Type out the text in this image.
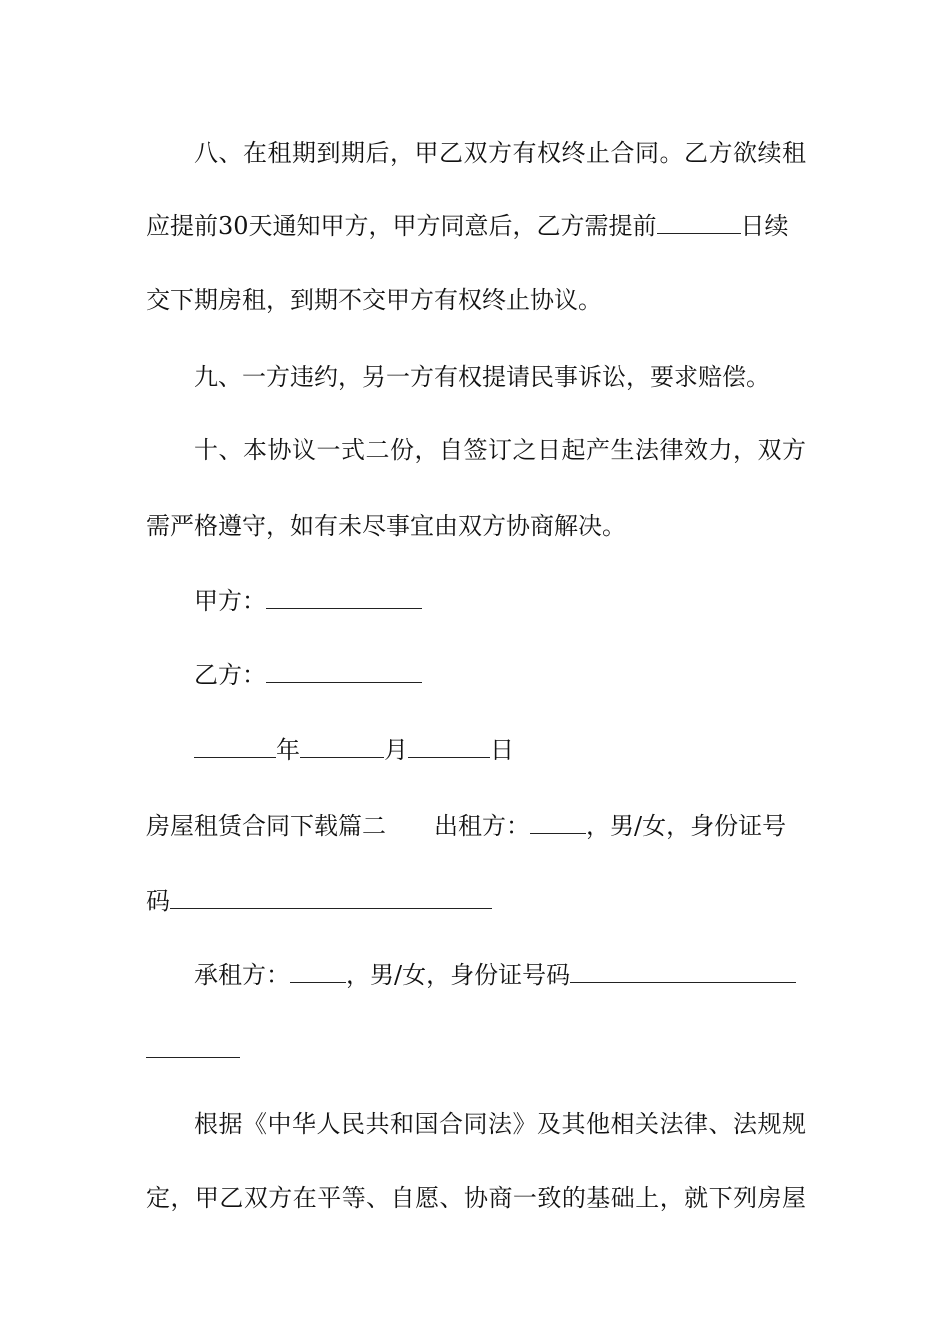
八、在租期到期后，甲乙双方有权终止合同。乙方欲续租
应提前30天通知甲方，甲方同意后，乙方需提前	日续
交下期房租，到期不交甲方有权终止协议。
九、一方违约，另一方有权提请民事诉讼，要求赔偿。
十、本协议一式二份，自签订之日起产生法律效力，双方
需严格遵守，如有未尽事宜由双方协商解决。
甲方：
乙方：
年	月	日
房屋租赁合同下载篇二 出租方： ，男/女，身份证号
码
承租方： ，男/女，身份证号码
根据《中华人民共和国合同法》及其他相关法律、法规规
定，甲乙双方在平等、自愿、协商一致的基础上，就下列房屋
